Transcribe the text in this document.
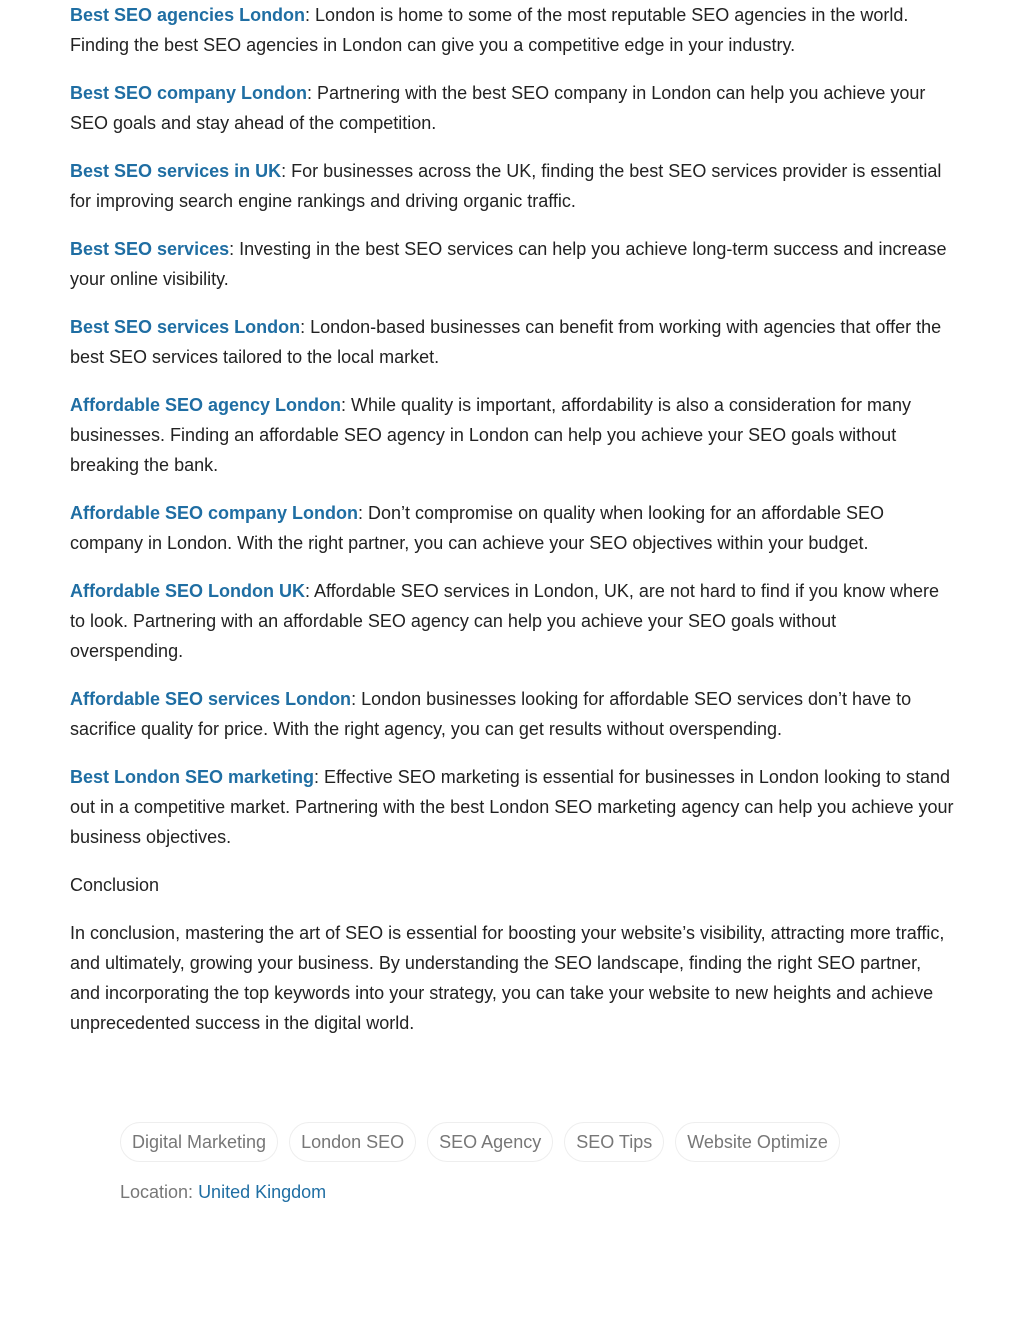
Best SEO agencies London: London is home to some of the most reputable SEO agencies in the world. Finding the best SEO agencies in London can give you a competitive edge in your industry.

Best SEO company London: Partnering with the best SEO company in London can help you achieve your SEO goals and stay ahead of the competition.

Best SEO services in UK: For businesses across the UK, finding the best SEO services provider is essential for improving search engine rankings and driving organic traffic.

Best SEO services: Investing in the best SEO services can help you achieve long-term success and increase your online visibility.

Best SEO services London: London-based businesses can benefit from working with agencies that offer the best SEO services tailored to the local market.

Affordable SEO agency London: While quality is important, affordability is also a consideration for many businesses. Finding an affordable SEO agency in London can help you achieve your SEO goals without breaking the bank.

Affordable SEO company London: Don’t compromise on quality when looking for an affordable SEO company in London. With the right partner, you can achieve your SEO objectives within your budget.

Affordable SEO London UK: Affordable SEO services in London, UK, are not hard to find if you know where to look. Partnering with an affordable SEO agency can help you achieve your SEO goals without overspending.

Affordable SEO services London: London businesses looking for affordable SEO services don’t have to sacrifice quality for price. With the right agency, you can get results without overspending.

Best London SEO marketing: Effective SEO marketing is essential for businesses in London looking to stand out in a competitive market. Partnering with the best London SEO marketing agency can help you achieve your business objectives.

Conclusion

In conclusion, mastering the art of SEO is essential for boosting your website’s visibility, attracting more traffic, and ultimately, growing your business. By understanding the SEO landscape, finding the right SEO partner, and incorporating the top keywords into your strategy, you can take your website to new heights and achieve unprecedented success in the digital world.

Digital Marketing	London SEO	SEO Agency	SEO Tips	Website Optimize
Location: United Kingdom
